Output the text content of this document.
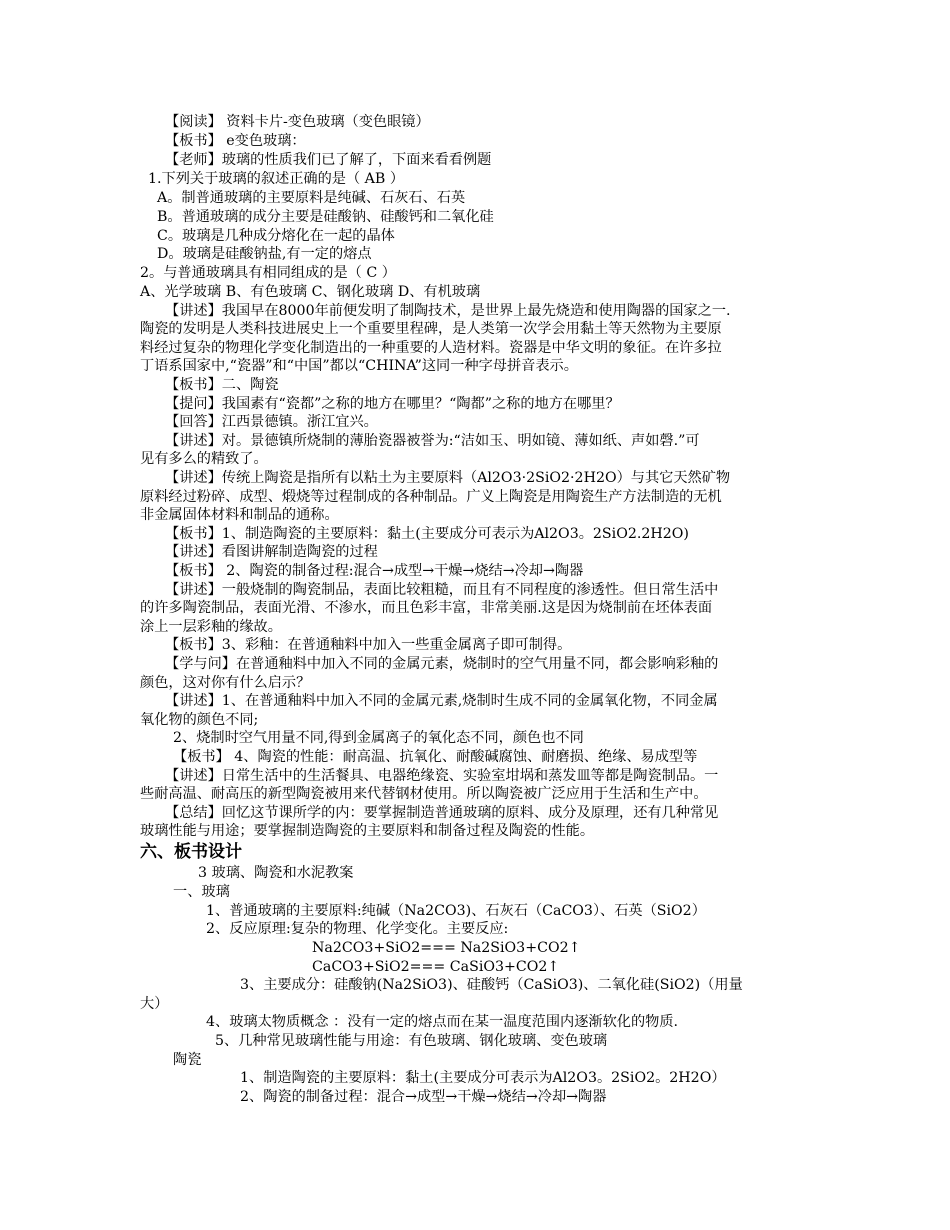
【阅读】 资料卡片-变色玻璃（变色眼镜）
【板书】 e变色玻璃：
【老师】玻璃的性质我们已了解了，下面来看看例题
1.下列关于玻璃的叙述正确的是（ AB ）
A。制普通玻璃的主要原料是纯碱、石灰石、石英
B。普通玻璃的成分主要是硅酸钠、硅酸钙和二氧化硅
C。玻璃是几种成分熔化在一起的晶体
D。玻璃是硅酸钠盐,有一定的熔点
2。与普通玻璃具有相同组成的是（ C ）
A、光学玻璃 B、有色玻璃 C、钢化玻璃 D、有机玻璃
【讲述】我国早在8000年前便发明了制陶技术，是世界上最先烧造和使用陶器的国家之一.
陶瓷的发明是人类科技进展史上一个重要里程碑，是人类第一次学会用黏土等天然物为主要原
料经过复杂的物理化学变化制造出的一种重要的人造材料。瓷器是中华文明的象征。在许多拉
丁语系国家中,“瓷器”和“中国”都以“CHINA”这同一种字母拼音表示。
【板书】二、陶瓷
【提问】我国素有“瓷都”之称的地方在哪里？“陶都”之称的地方在哪里？
【回答】江西景德镇。浙江宜兴。
【讲述】对。景德镇所烧制的薄胎瓷器被誉为:“洁如玉、明如镜、薄如纸、声如磬.”可
见有多么的精致了。
【讲述】传统上陶瓷是指所有以粘土为主要原料（Al2O3·2SiO2·2H2O）与其它天然矿物
原料经过粉碎、成型、煅烧等过程制成的各种制品。广义上陶瓷是用陶瓷生产方法制造的无机
非金属固体材料和制品的通称。
【板书】1、制造陶瓷的主要原料：黏土(主要成分可表示为Al2O3。2SiO2.2H2O)
【讲述】看图讲解制造陶瓷的过程
【板书】 2、陶瓷的制备过程:混合→成型→干燥→烧结→冷却→陶器
【讲述】一般烧制的陶瓷制品，表面比较粗糙，而且有不同程度的渗透性。但日常生活中
的许多陶瓷制品，表面光滑、不渗水，而且色彩丰富，非常美丽.这是因为烧制前在坯体表面
涂上一层彩釉的缘故。
【板书】3、彩釉：在普通釉料中加入一些重金属离子即可制得。
【学与问】在普通釉料中加入不同的金属元素，烧制时的空气用量不同，都会影响彩釉的
颜色，这对你有什么启示？
【讲述】1、在普通釉料中加入不同的金属元素,烧制时生成不同的金属氧化物，不同金属
氧化物的颜色不同;
2、烧制时空气用量不同,得到金属离子的氧化态不同，颜色也不同
【板书】 4、陶瓷的性能：耐高温、抗氧化、耐酸碱腐蚀、耐磨损、绝缘、易成型等
【讲述】日常生活中的生活餐具、电器绝缘瓷、实验室坩埚和蒸发皿等都是陶瓷制品。一
些耐高温、耐高压的新型陶瓷被用来代替钢材使用。所以陶瓷被广泛应用于生活和生产中。
【总结】回忆这节课所学的内：要掌握制造普通玻璃的原料、成分及原理，还有几种常见
玻璃性能与用途；要掌握制造陶瓷的主要原料和制备过程及陶瓷的性能。
六、板书设计
3 玻璃、陶瓷和水泥教案
一、玻璃
1、普通玻璃的主要原料:纯碱（Na2CO3)、石灰石（CaCO3）、石英（SiO2）
2、反应原理:复杂的物理、化学变化。主要反应:
Na2CO3+SiO2=== Na2SiO3+CO2↑
CaCO3+SiO2=== CaSiO3+CO2↑
3、主要成分：硅酸钠(Na2SiO3)、硅酸钙（CaSiO3)、二氧化硅(SiO2)（用量
大）
4、玻璃太物质概念 ：没有一定的熔点而在某一温度范围内逐渐软化的物质.
5、几种常见玻璃性能与用途：有色玻璃、钢化玻璃、变色玻璃
陶瓷
1、制造陶瓷的主要原料：黏土(主要成分可表示为Al2O3。2SiO2。2H2O）
2、陶瓷的制备过程：混合→成型→干燥→烧结→冷却→陶器
